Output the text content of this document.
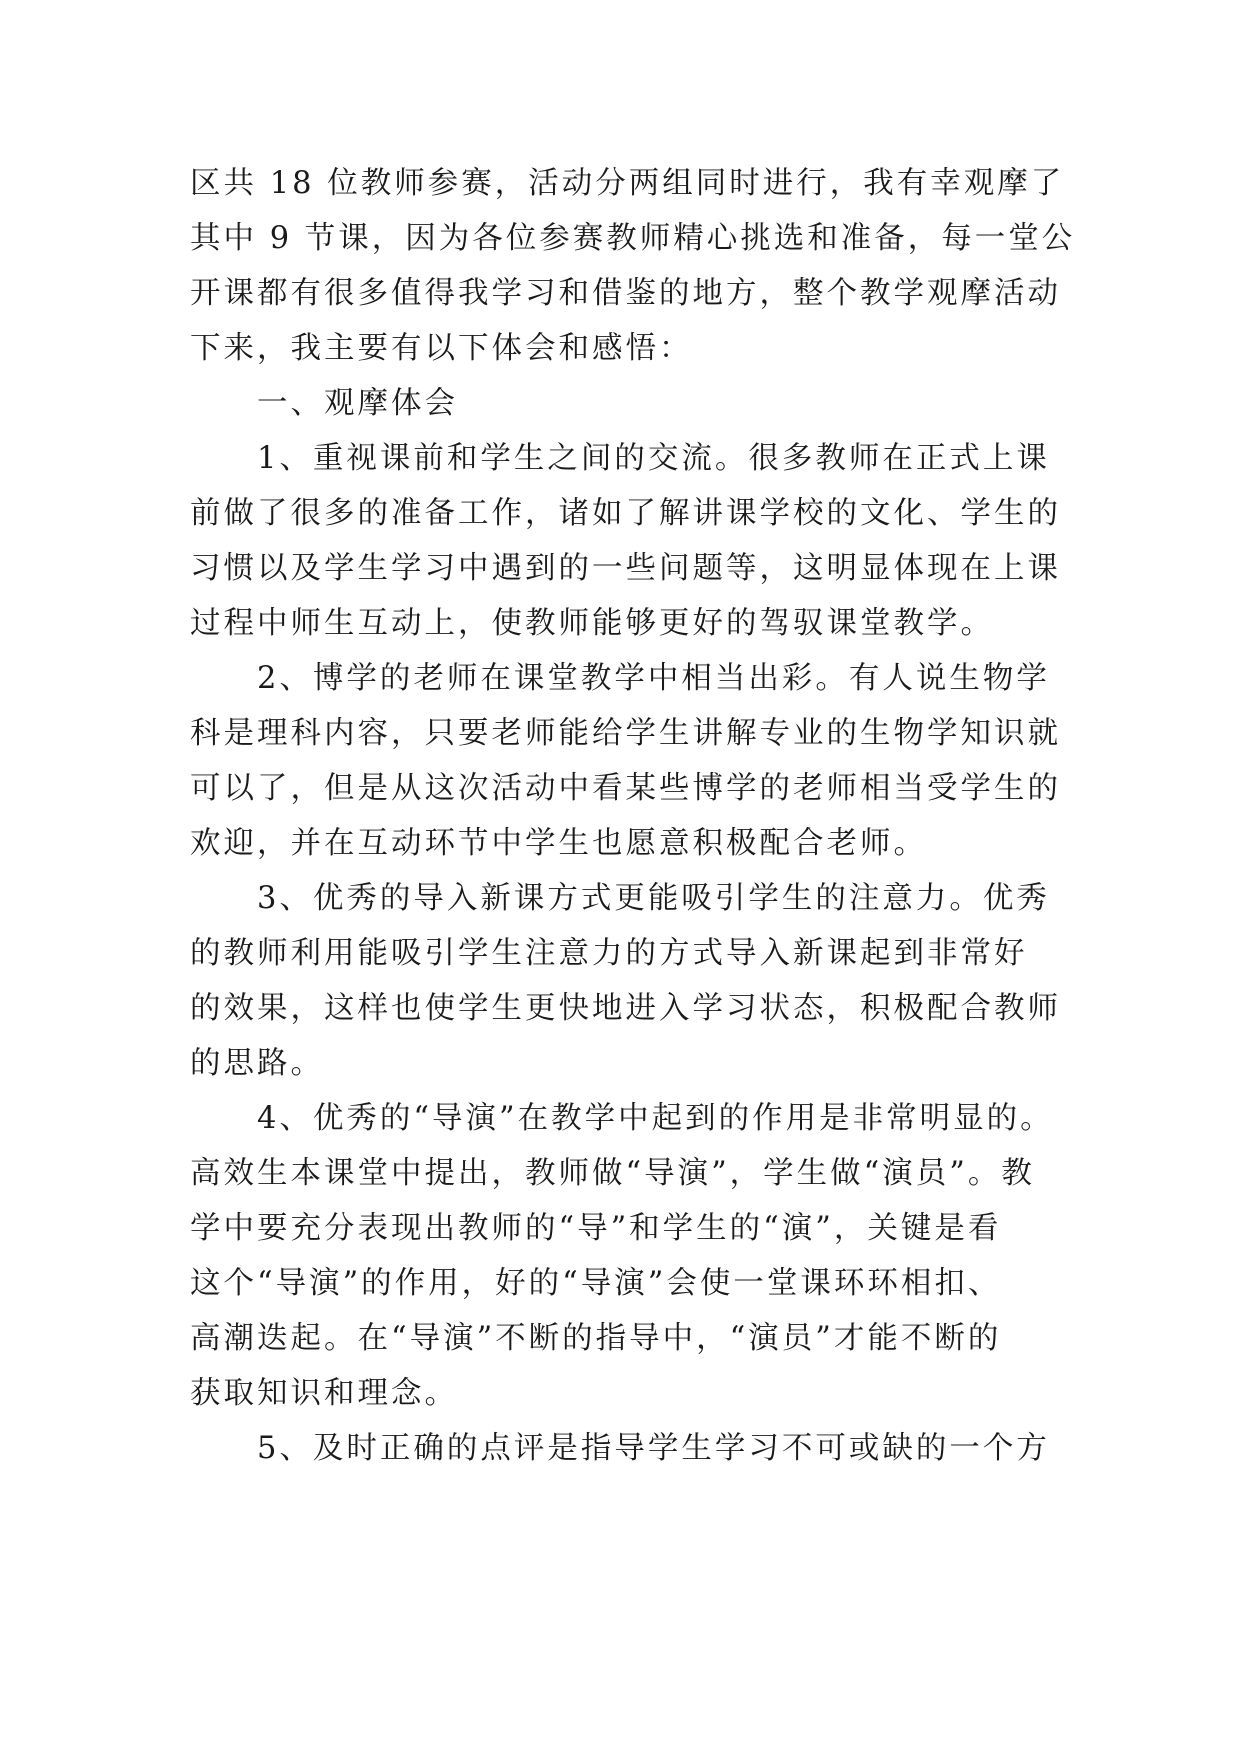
区共 18 位教师参赛，活动分两组同时进行，我有幸观摩了
其中 9 节课，因为各位参赛教师精心挑选和准备，每一堂公
开课都有很多值得我学习和借鉴的地方，整个教学观摩活动
下来，我主要有以下体会和感悟：
　　一、观摩体会
　　1、重视课前和学生之间的交流。很多教师在正式上课
前做了很多的准备工作，诸如了解讲课学校的文化、学生的
习惯以及学生学习中遇到的一些问题等，这明显体现在上课
过程中师生互动上，使教师能够更好的驾驭课堂教学。
　　2、博学的老师在课堂教学中相当出彩。有人说生物学
科是理科内容，只要老师能给学生讲解专业的生物学知识就
可以了，但是从这次活动中看某些博学的老师相当受学生的
欢迎，并在互动环节中学生也愿意积极配合老师。
　　3、优秀的导入新课方式更能吸引学生的注意力。优秀
的教师利用能吸引学生注意力的方式导入新课起到非常好
的效果，这样也使学生更快地进入学习状态，积极配合教师
的思路。
　　4、优秀的“导演”在教学中起到的作用是非常明显的。
高效生本课堂中提出，教师做“导演”，学生做“演员”。教
学中要充分表现出教师的“导”和学生的“演”，关键是看
这个“导演”的作用，好的“导演”会使一堂课环环相扣、
高潮迭起。在“导演”不断的指导中，“演员”才能不断的
获取知识和理念。
　　5、及时正确的点评是指导学生学习不可或缺的一个方
